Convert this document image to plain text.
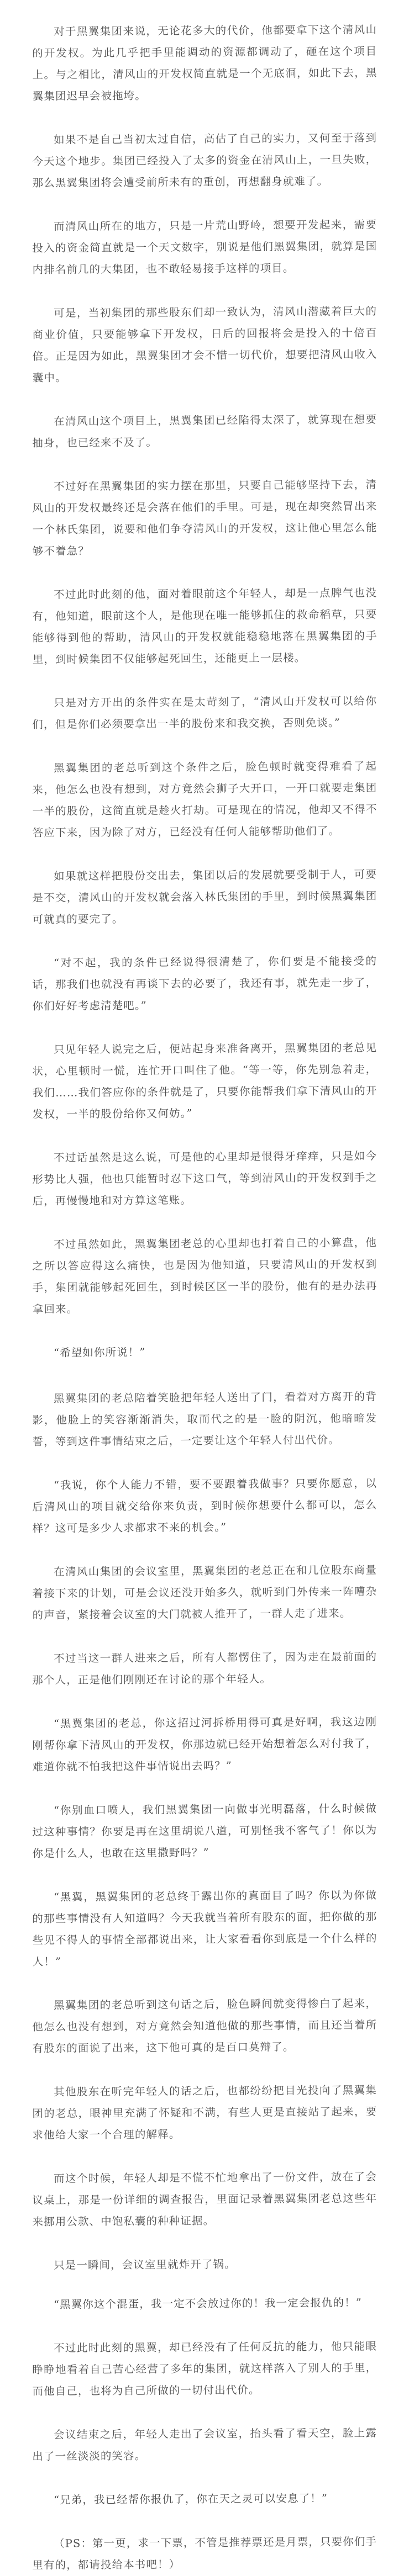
对于黑翼集团来说，无论花多大的代价，他都要拿下这个清风山的开发权。为此几乎把手里能调动的资源都调动了，砸在这个项目上。与之相比，清风山的开发权简直就是一个无底洞，如此下去，黑翼集团迟早会被拖垮。

如果不是自己当初太过自信，高估了自己的实力，又何至于落到今天这个地步。集团已经投入了太多的资金在清风山上，一旦失败，那么黑翼集团将会遭受前所未有的重创，再想翻身就难了。

而清风山所在的地方，只是一片荒山野岭，想要开发起来，需要投入的资金简直就是一个天文数字，别说是他们黑翼集团，就算是国内排名前几的大集团，也不敢轻易接手这样的项目。

可是，当初集团的那些股东们却一致认为，清风山潜藏着巨大的商业价值，只要能够拿下开发权，日后的回报将会是投入的十倍百倍。正是因为如此，黑翼集团才会不惜一切代价，想要把清风山收入囊中。

在清风山这个项目上，黑翼集团已经陷得太深了，就算现在想要抽身，也已经来不及了。

不过好在黑翼集团的实力摆在那里，只要自己能够坚持下去，清风山的开发权最终还是会落在他们的手里。可是，现在却突然冒出来一个林氏集团，说要和他们争夺清风山的开发权，这让他心里怎么能够不着急？

不过此时此刻的他，面对着眼前这个年轻人，却是一点脾气也没有，他知道，眼前这个人，是他现在唯一能够抓住的救命稻草，只要能够得到他的帮助，清风山的开发权就能稳稳地落在黑翼集团的手里，到时候集团不仅能够起死回生，还能更上一层楼。

只是对方开出的条件实在是太苛刻了，“清风山开发权可以给你们，但是你们必须要拿出一半的股份来和我交换，否则免谈。”

黑翼集团的老总听到这个条件之后，脸色顿时就变得难看了起来，他怎么也没有想到，对方竟然会狮子大开口，一开口就要走集团一半的股份，这简直就是趁火打劫。可是现在的情况，他却又不得不答应下来，因为除了对方，已经没有任何人能够帮助他们了。

如果就这样把股份交出去，集团以后的发展就要受制于人，可要是不交，清风山的开发权就会落入林氏集团的手里，到时候黑翼集团可就真的要完了。

“对不起，我的条件已经说得很清楚了，你们要是不能接受的话，那我们也就没有再谈下去的必要了，我还有事，就先走一步了，你们好好考虑清楚吧。”

只见年轻人说完之后，便站起身来准备离开，黑翼集团的老总见状，心里顿时一慌，连忙开口叫住了他。“等一等，你先别急着走，我们……我们答应你的条件就是了，只要你能帮我们拿下清风山的开发权，一半的股份给你又何妨。”

不过话虽然是这么说，可是他的心里却是恨得牙痒痒，只是如今形势比人强，他也只能暂时忍下这口气，等到清风山的开发权到手之后，再慢慢地和对方算这笔账。

不过虽然如此，黑翼集团老总的心里却也打着自己的小算盘，他之所以答应得这么痛快，也是因为他知道，只要清风山的开发权到手，集团就能够起死回生，到时候区区一半的股份，他有的是办法再拿回来。

“希望如你所说！”

黑翼集团的老总陪着笑脸把年轻人送出了门，看着对方离开的背影，他脸上的笑容渐渐消失，取而代之的是一脸的阴沉，他暗暗发誓，等到这件事情结束之后，一定要让这个年轻人付出代价。

“我说，你个人能力不错，要不要跟着我做事？只要你愿意，以后清风山的项目就交给你来负责，到时候你想要什么都可以，怎么样？这可是多少人求都求不来的机会。”

在清风山集团的会议室里，黑翼集团的老总正在和几位股东商量着接下来的计划，可是会议还没开始多久，就听到门外传来一阵嘈杂的声音，紧接着会议室的大门就被人推开了，一群人走了进来。

不过当这一群人进来之后，所有人都愣住了，因为走在最前面的那个人，正是他们刚刚还在讨论的那个年轻人。

“黑翼集团的老总，你这招过河拆桥用得可真是好啊，我这边刚刚帮你拿下清风山的开发权，你那边就已经开始想着怎么对付我了，难道你就不怕我把这件事情说出去吗？”

“你别血口喷人，我们黑翼集团一向做事光明磊落，什么时候做过这种事情？你要是再在这里胡说八道，可别怪我不客气了！你以为你是什么人，也敢在这里撒野吗？”

“黑翼，黑翼集团的老总终于露出你的真面目了吗？你以为你做的那些事情没有人知道吗？今天我就当着所有股东的面，把你做的那些见不得人的事情全部都说出来，让大家看看你到底是一个什么样的人！”

黑翼集团的老总听到这句话之后，脸色瞬间就变得惨白了起来，他怎么也没有想到，对方竟然会知道他做的那些事情，而且还当着所有股东的面说了出来，这下他可真的是百口莫辩了。

其他股东在听完年轻人的话之后，也都纷纷把目光投向了黑翼集团的老总，眼神里充满了怀疑和不满，有些人更是直接站了起来，要求他给大家一个合理的解释。

而这个时候，年轻人却是不慌不忙地拿出了一份文件，放在了会议桌上，那是一份详细的调查报告，里面记录着黑翼集团老总这些年来挪用公款、中饱私囊的种种证据。

只是一瞬间，会议室里就炸开了锅。

“黑翼你这个混蛋，我一定不会放过你的！我一定会报仇的！”

不过此时此刻的黑翼，却已经没有了任何反抗的能力，他只能眼睁睁地看着自己苦心经营了多年的集团，就这样落入了别人的手里，而他自己，也将为自己所做的一切付出代价。

会议结束之后，年轻人走出了会议室，抬头看了看天空，脸上露出了一丝淡淡的笑容。

“兄弟，我已经帮你报仇了，你在天之灵可以安息了！”

（PS：第一更，求一下票，不管是推荐票还是月票，只要你们手里有的，都请投给本书吧！）
